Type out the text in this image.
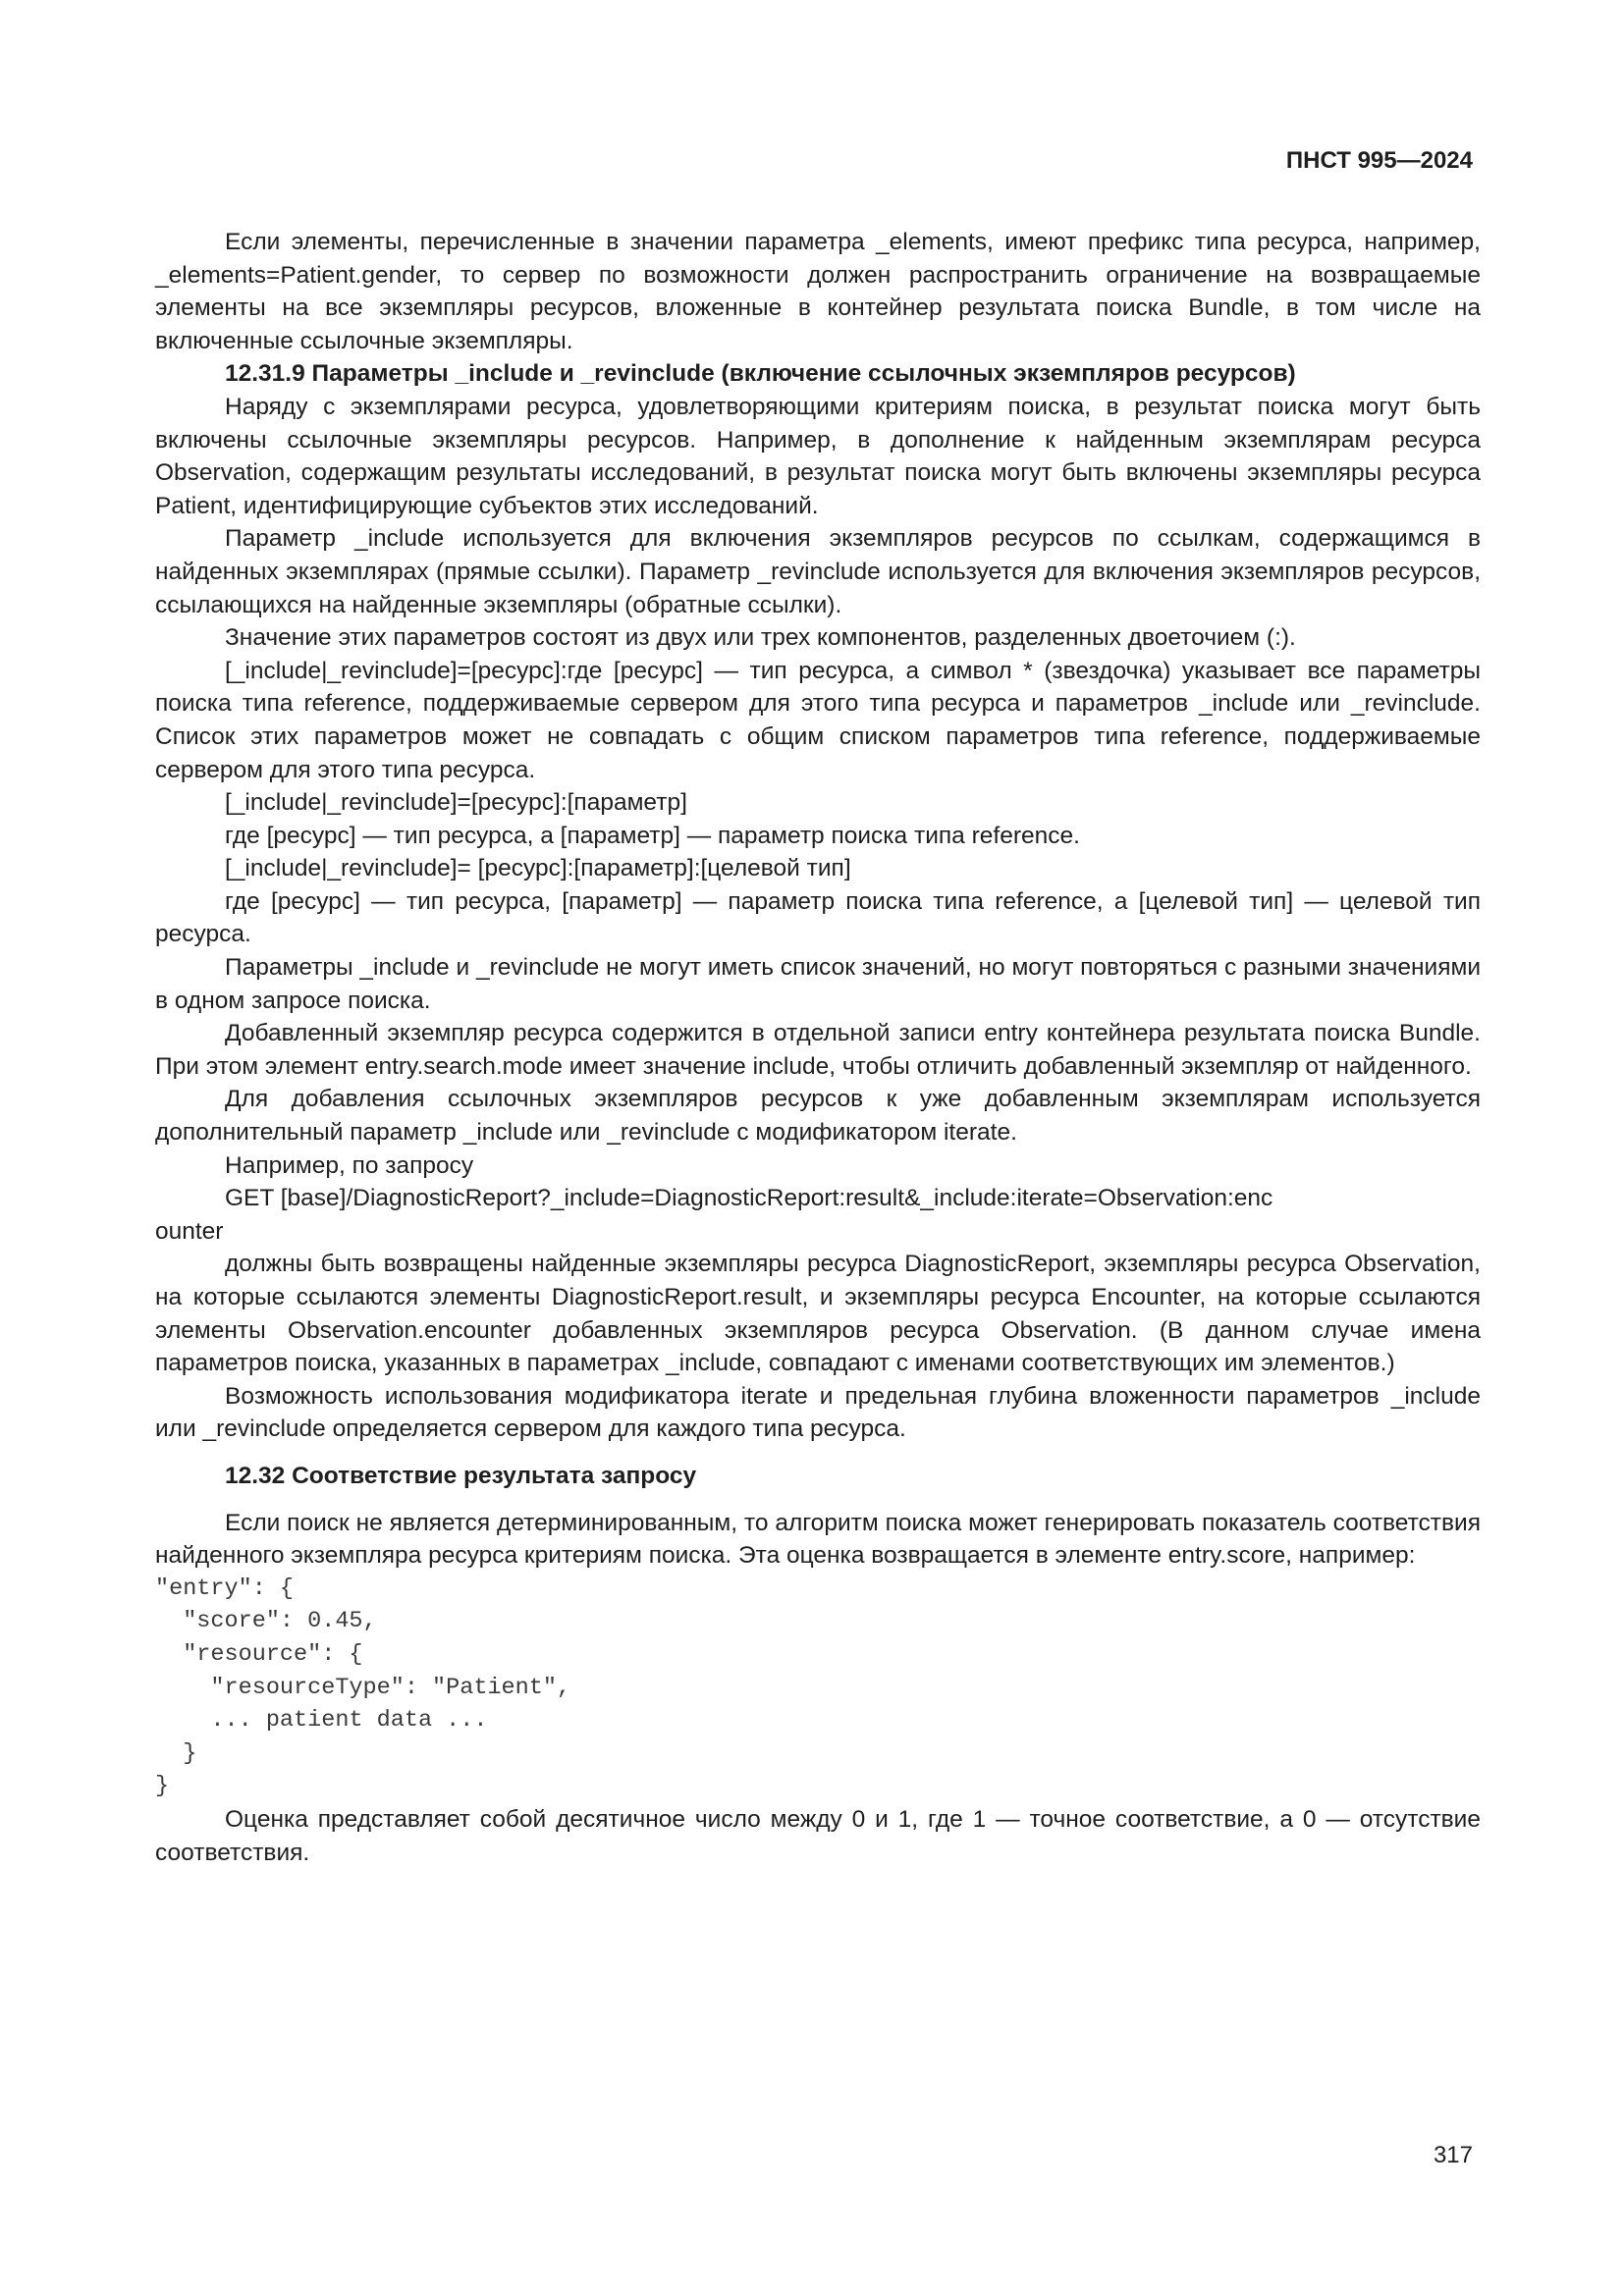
ПНСТ 995—2024

Если элементы, перечисленные в значении параметра _elements, имеют префикс типа ресурса, например, _elements=Patient.gender, то сервер по возможности должен распространить ограничение на возвращаемые элементы на все экземпляры ресурсов, вложенные в контейнер результата поиска Bundle, в том числе на включенные ссылочные экземпляры.

12.31.9 Параметры _include и _revinclude (включение ссылочных экземпляров ресурсов)

Наряду с экземплярами ресурса, удовлетворяющими критериям поиска, в результат поиска могут быть включены ссылочные экземпляры ресурсов. Например, в дополнение к найденным экземплярам ресурса Observation, содержащим результаты исследований, в результат поиска могут быть включены экземпляры ресурса Patient, идентифицирующие субъектов этих исследований.

Параметр _include используется для включения экземпляров ресурсов по ссылкам, содержащимся в найденных экземплярах (прямые ссылки). Параметр _revinclude используется для включения экземпляров ресурсов, ссылающихся на найденные экземпляры (обратные ссылки).

Значение этих параметров состоят из двух или трех компонентов, разделенных двоеточием (:).

[_include|_revinclude]=[ресурс]:где [ресурс] — тип ресурса, а символ * (звездочка) указывает все параметры поиска типа reference, поддерживаемые сервером для этого типа ресурса и параметров _include или _revinclude. Список этих параметров может не совпадать с общим списком параметров типа reference, поддерживаемые сервером для этого типа ресурса.

[_include|_revinclude]=[ресурс]:[параметр]

где [ресурс] — тип ресурса, а [параметр] — параметр поиска типа reference.

[_include|_revinclude]= [ресурс]:[параметр]:[целевой тип]

где [ресурс] — тип ресурса, [параметр] — параметр поиска типа reference, а [целевой тип] — целевой тип ресурса.

Параметры _include и _revinclude не могут иметь список значений, но могут повторяться с разными значениями в одном запросе поиска.

Добавленный экземпляр ресурса содержится в отдельной записи entry контейнера результата поиска Bundle. При этом элемент entry.search.mode имеет значение include, чтобы отличить добавленный экземпляр от найденного.

Для добавления ссылочных экземпляров ресурсов к уже добавленным экземплярам используется дополнительный параметр _include или _revinclude с модификатором iterate.

Например, по запросу

GET [base]/DiagnosticReport?_include=DiagnosticReport:result&_include:iterate=Observation:enc

ounter

должны быть возвращены найденные экземпляры ресурса DiagnosticReport, экземпляры ресурса Observation, на которые ссылаются элементы DiagnosticReport.result, и экземпляры ресурса Encounter, на которые ссылаются элементы Observation.encounter добавленных экземпляров ресурса Observation. (В данном случае имена параметров поиска, указанных в параметрах _include, совпадают с именами соответствующих им элементов.)

Возможность использования модификатора iterate и предельная глубина вложенности параметров _include или _revinclude определяется сервером для каждого типа ресурса.

12.32 Соответствие результата запросу

Если поиск не является детерминированным, то алгоритм поиска может генерировать показатель соответствия найденного экземпляра ресурса критериям поиска. Эта оценка возвращается в элементе entry.score, например:

"entry": {
"score": 0.45,
"resource": {
"resourceType": "Patient",
... patient data ...
}
}

Оценка представляет собой десятичное число между 0 и 1, где 1 — точное соответствие, а 0 — отсутствие соответствия.

317
